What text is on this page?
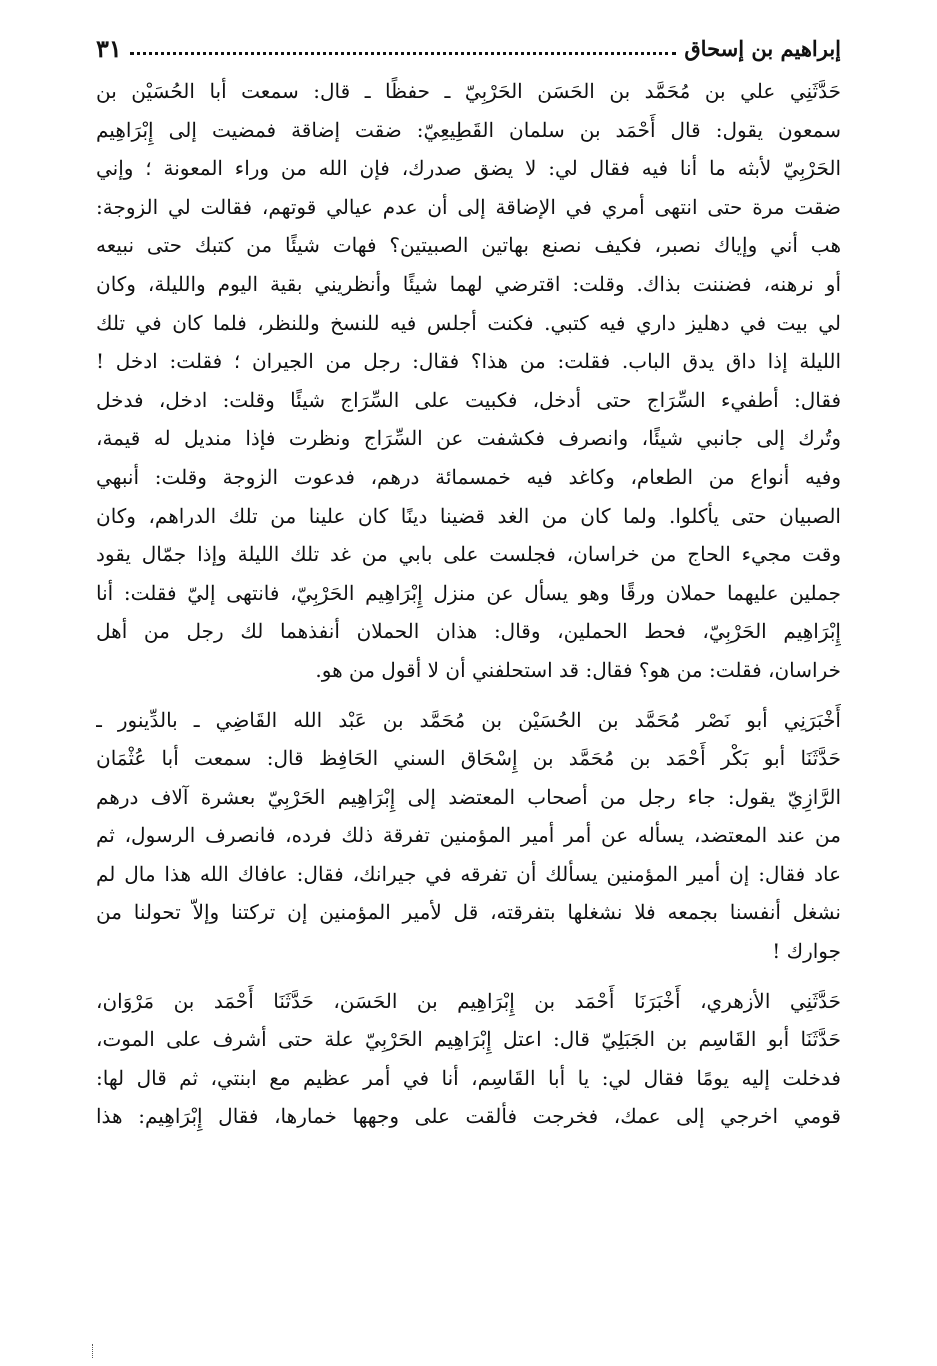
إبراهيم بن إسحاق
٣١

حَدَّثَنِي علي بن مُحَمَّد بن الحَسَن الحَرْبِيّ ـ حفظًا ـ قال: سمعت أبا الحُسَيْن بن
سمعون يقول: قال أَحْمَد بن سلمان القَطِيعِيّ: ضقت إضاقة فمضيت إلى إِبْرَاهِيم
الحَرْبِيّ لأبثه ما أنا فيه فقال لي: لا يضق صدرك، فإن الله من وراء المعونة ؛ وإني
ضقت مرة حتى انتهى أمري في الإضاقة إلى أن عدم عيالي قوتهم، فقالت لي الزوجة:
هب أني وإياك نصبر، فكيف نصنع بهاتين الصبيتين؟ فهات شيئًا من كتبك حتى نبيعه
أو نرهنه، فضننت بذاك. وقلت: اقترضي لهما شيئًا وأنظريني بقية اليوم والليلة، وكان
لي بيت في دهليز داري فيه كتبي. فكنت أجلس فيه للنسخ وللنظر، فلما كان في تلك
الليلة إذا داق يدق الباب. فقلت: من هذا؟ فقال: رجل من الجيران ؛ فقلت: ادخل !
فقال: أطفيء السِّرَاج حتى أدخل، فكبيت على السِّرَاج شيئًا وقلت: ادخل، فدخل
وتُرك إلى جانبي شيئًا، وانصرف فكشفت عن السِّرَاج ونظرت فإذا منديل له قيمة،
وفيه أنواع من الطعام، وكاغد فيه خمسمائة درهم، فدعوت الزوجة وقلت: أنبهي
الصبيان حتى يأكلوا. ولما كان من الغد قضينا دينًا كان علينا من تلك الدراهم، وكان
وقت مجيء الحاج من خراسان، فجلست على بابي من غد تلك الليلة وإذا جمّال يقود
جملين عليهما حملان ورقًا وهو يسأل عن منزل إِبْرَاهِيم الحَرْبِيّ، فانتهى إليّ فقلت: أنا
إِبْرَاهِيم الحَرْبِيّ، فحط الحملين، وقال: هذان الحملان أنفذهما لك رجل من أهل
خراسان، فقلت: من هو؟ فقال: قد استحلفني أن لا أقول من هو.

أَخْبَرَنِي أبو نَصْر مُحَمَّد بن الحُسَيْن بن مُحَمَّد بن عَبْد الله القَاضِي ـ بالدِّينور ـ
حَدَّثَنَا أبو بَكْر أَحْمَد بن مُحَمَّد بن إِسْحَاق السني الحَافِظ قال: سمعت أبا عُثْمَان
الرَّازِيّ يقول: جاء رجل من أصحاب المعتضد إلى إِبْرَاهِيم الحَرْبِيّ بعشرة آلاف درهم
من عند المعتضد، يسأله عن أمر أمير المؤمنين تفرقة ذلك فرده، فانصرف الرسول، ثم
عاد فقال: إن أمير المؤمنين يسألك أن تفرقه في جيرانك، فقال: عافاك الله هذا مال لم
نشغل أنفسنا بجمعه فلا نشغلها بتفرقته، قل لأمير المؤمنين إن تركتنا وإلاّ تحولنا من
جوارك !

حَدَّثَنِي الأزهري، أَخْبَرَنَا أَحْمَد بن إِبْرَاهِيم بن الحَسَن، حَدَّثَنَا أَحْمَد بن مَرْوَان،
حَدَّثَنَا أبو القَاسِم بن الجَبَلِيّ قال: اعتل إِبْرَاهِيم الحَرْبِيّ علة حتى أشرف على الموت،
فدخلت إليه يومًا فقال لي: يا أبا القَاسِم، أنا في أمر عظيم مع ابنتي، ثم قال لها:
قومي اخرجي إلى عمك، فخرجت فألقت على وجهها خمارها، فقال إِبْرَاهِيم: هذا
